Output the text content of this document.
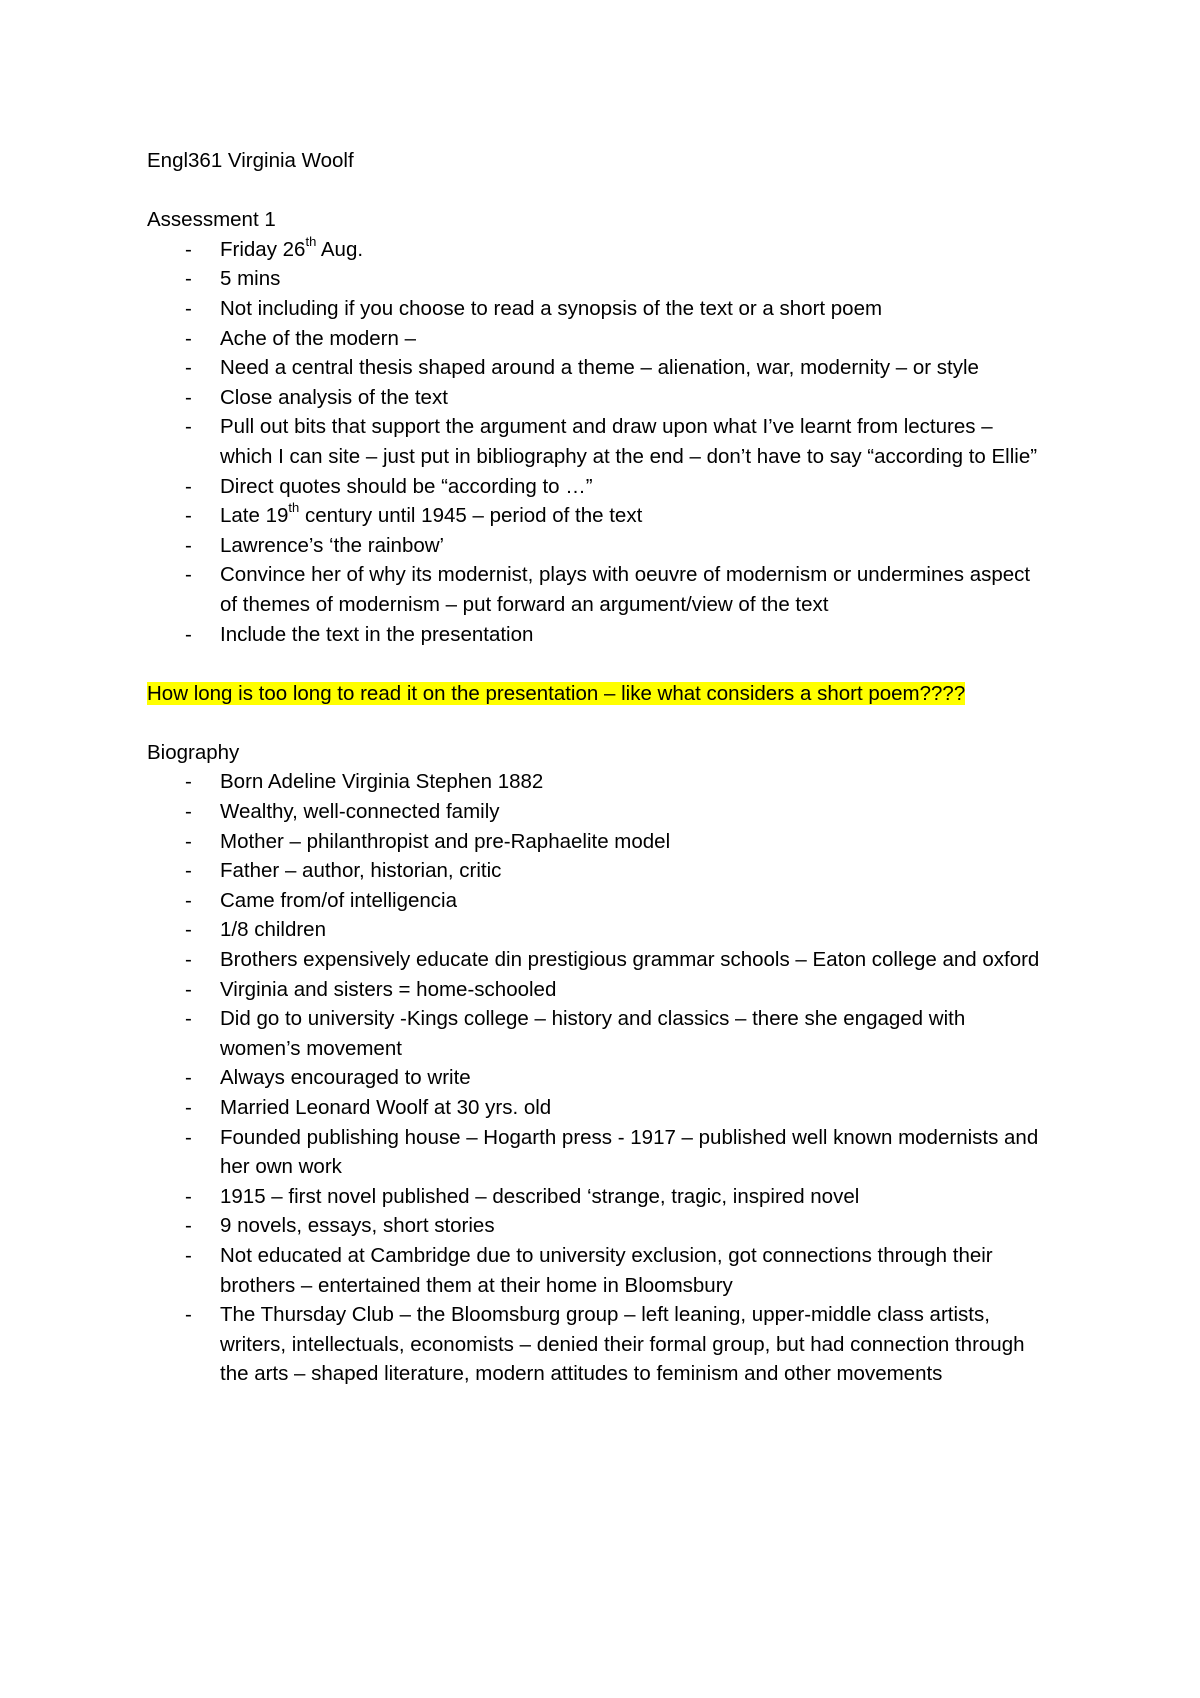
Engl361 Virginia Woolf

Assessment 1

- Friday 26th Aug.
- 5 mins
- Not including if you choose to read a synopsis of the text or a short poem
- Ache of the modern –
- Need a central thesis shaped around a theme – alienation, war, modernity – or style
- Close analysis of the text
- Pull out bits that support the argument and draw upon what I’ve learnt from lectures – which I can site – just put in bibliography at the end – don’t have to say “according to Ellie”
- Direct quotes should be “according to …”
- Late 19th century until 1945 – period of the text
- Lawrence’s ‘the rainbow’
- Convince her of why its modernist, plays with oeuvre of modernism or undermines aspect of themes of modernism – put forward an argument/view of the text
- Include the text in the presentation

How long is too long to read it on the presentation – like what considers a short poem????

Biography

- Born Adeline Virginia Stephen 1882
- Wealthy, well-connected family
- Mother – philanthropist and pre-Raphaelite model
- Father – author, historian, critic
- Came from/of intelligencia
- 1/8 children
- Brothers expensively educate din prestigious grammar schools – Eaton college and oxford
- Virginia and sisters = home-schooled
- Did go to university -Kings college – history and classics – there she engaged with women’s movement
- Always encouraged to write
- Married Leonard Woolf at 30 yrs. old
- Founded publishing house – Hogarth press - 1917 – published well known modernists and her own work
- 1915 – first novel published – described ‘strange, tragic, inspired novel
- 9 novels, essays, short stories
- Not educated at Cambridge due to university exclusion, got connections through their brothers – entertained them at their home in Bloomsbury
- The Thursday Club – the Bloomsburg group – left leaning, upper-middle class artists, writers, intellectuals, economists – denied their formal group, but had connection through the arts – shaped literature, modern attitudes to feminism and other movements
